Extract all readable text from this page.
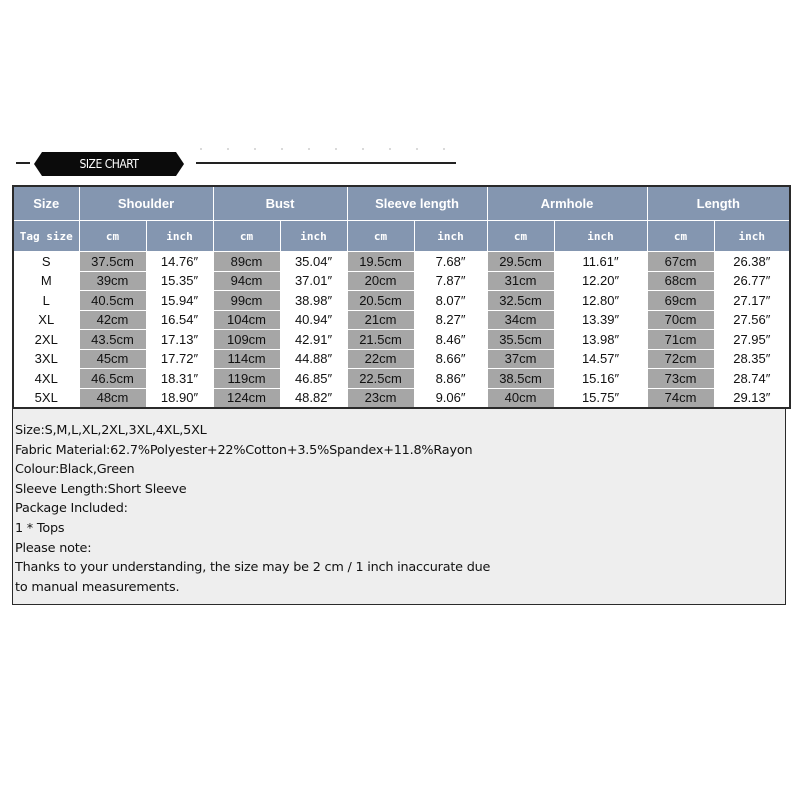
SIZE CHART
Size	Shoulder		Bust		Sleeve length		Armhole		Length	
Tag size	cm	inch	cm	inch	cm	inch	cm	inch	cm	inch
S	37.5cm	14.76″	89cm	35.04″	19.5cm	7.68″	29.5cm	11.61″	67cm	26.38″
M	39cm	15.35″	94cm	37.01″	20cm	7.87″	31cm	12.20″	68cm	26.77″
L	40.5cm	15.94″	99cm	38.98″	20.5cm	8.07″	32.5cm	12.80″	69cm	27.17″
XL	42cm	16.54″	104cm	40.94″	21cm	8.27″	34cm	13.39″	70cm	27.56″
2XL	43.5cm	17.13″	109cm	42.91″	21.5cm	8.46″	35.5cm	13.98″	71cm	27.95″
3XL	45cm	17.72″	114cm	44.88″	22cm	8.66″	37cm	14.57″	72cm	28.35″
4XL	46.5cm	18.31″	119cm	46.85″	22.5cm	8.86″	38.5cm	15.16″	73cm	28.74″
5XL	48cm	18.90″	124cm	48.82″	23cm	9.06″	40cm	15.75″	74cm	29.13″
Size:S,M,L,XL,2XL,3XL,4XL,5XL
Fabric Material:62.7%Polyester+22%Cotton+3.5%Spandex+11.8%Rayon
Colour:Black,Green
Sleeve Length:Short Sleeve
Package Included:
1 * Tops
Please note:
Thanks to your understanding, the size may be 2 cm / 1 inch inaccurate due
to manual measurements.
